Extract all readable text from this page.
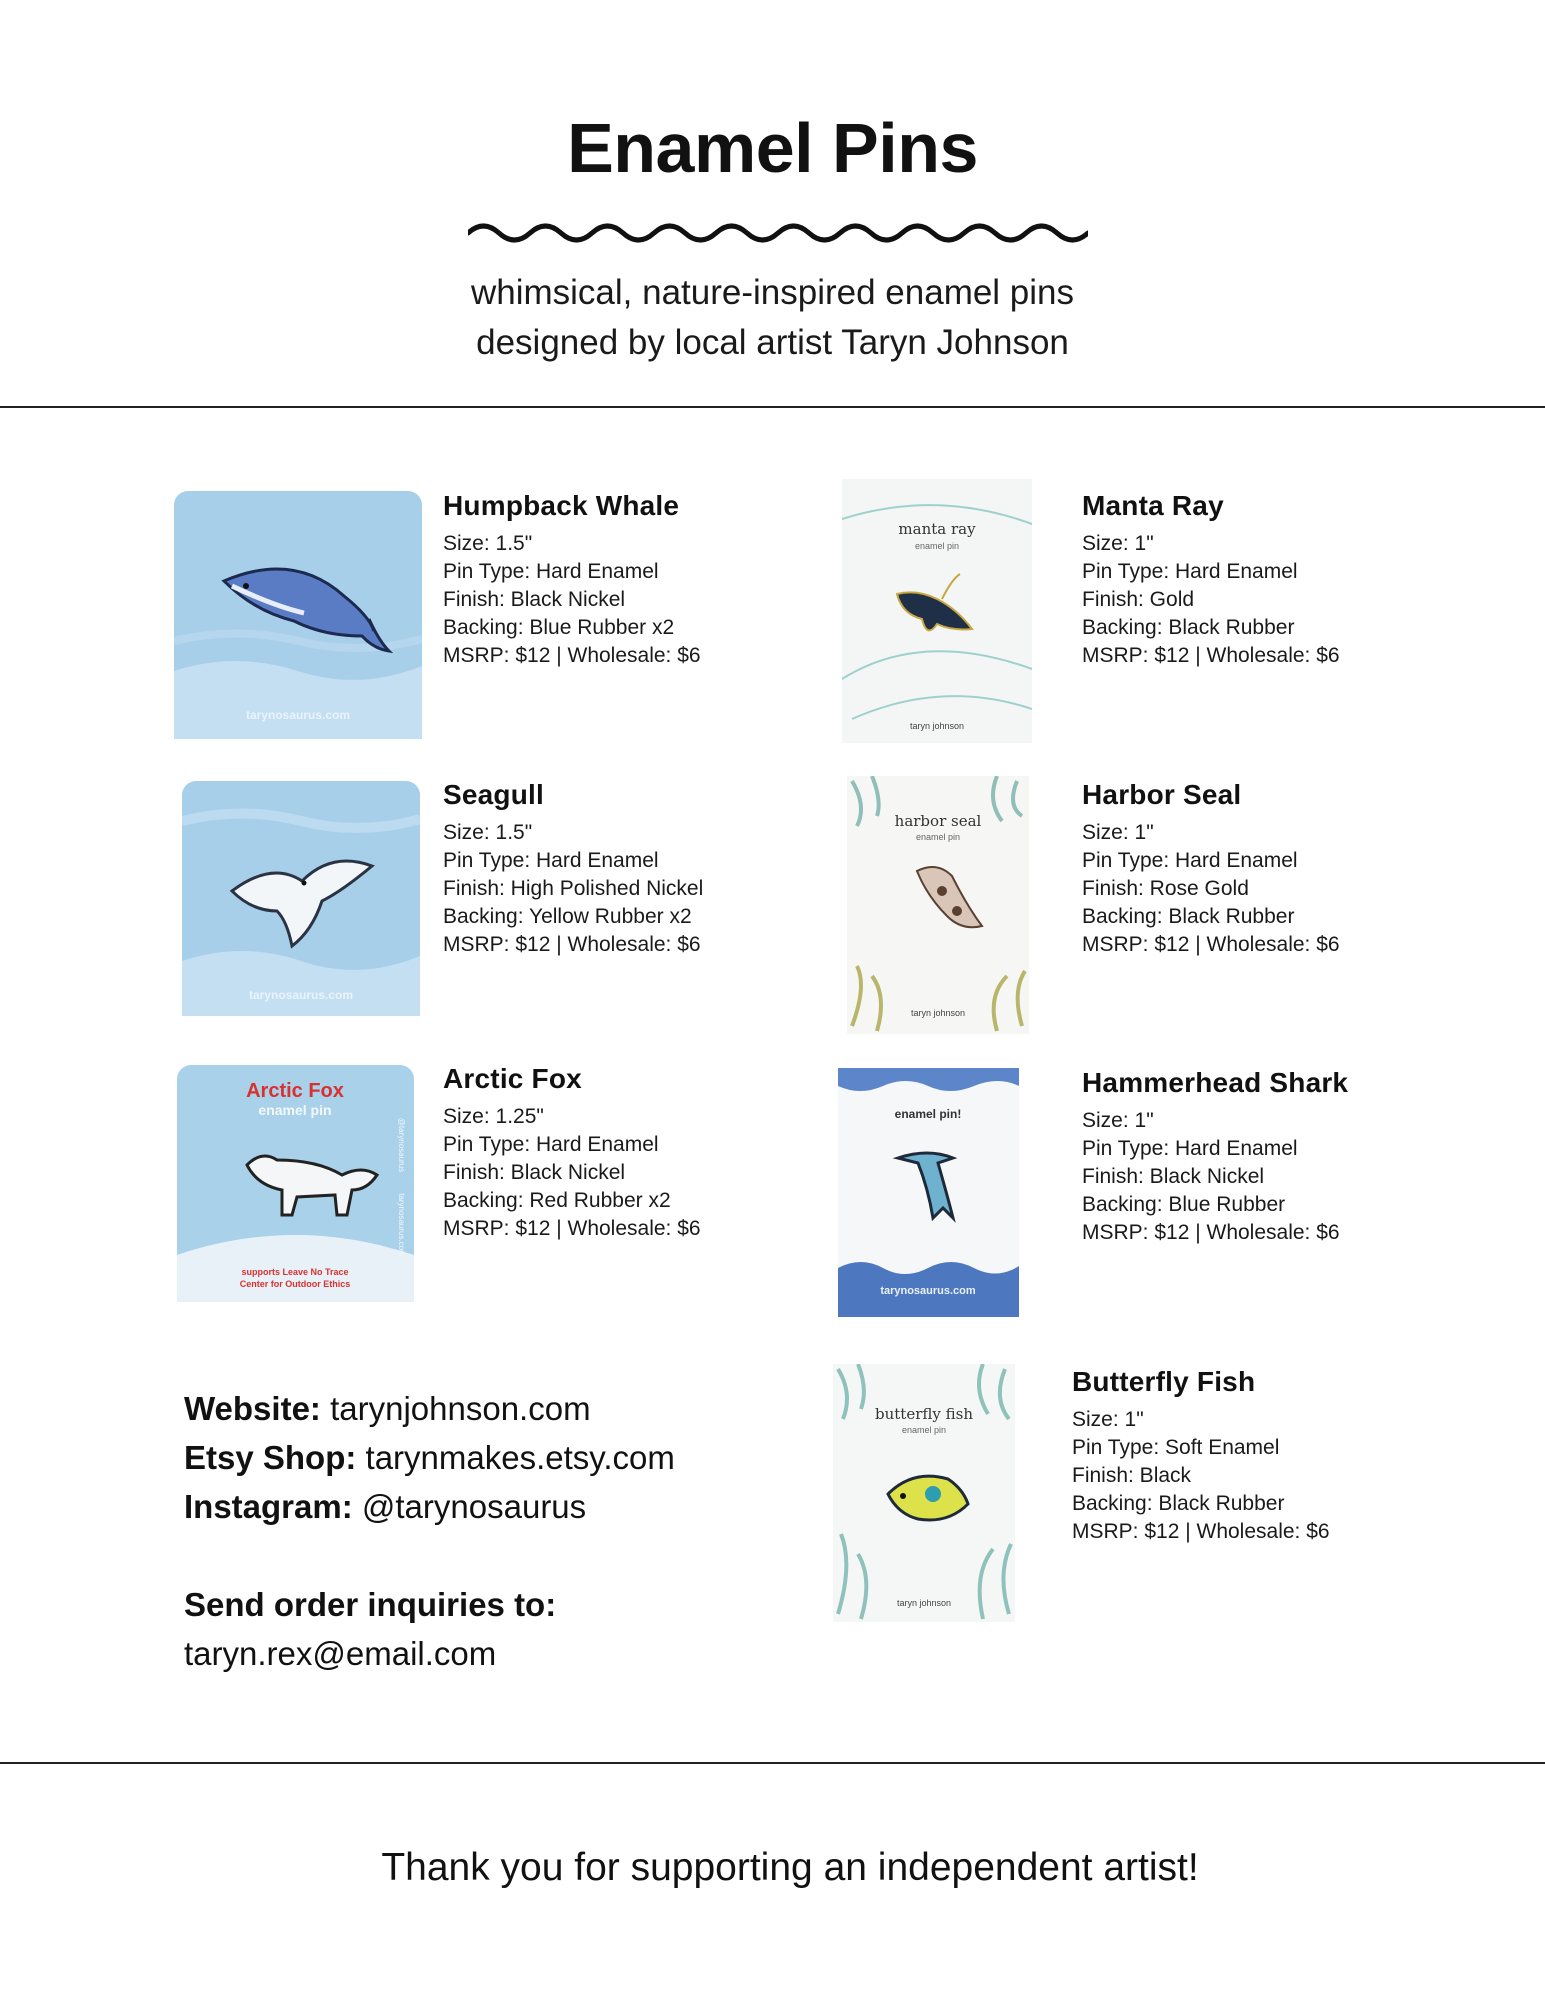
Enamel Pins
whimsical, nature-inspired enamel pins
designed by local artist Taryn Johnson
tarynosaurus.com
Humpback Whale
Size: 1.5"
Pin Type: Hard Enamel
Finish: Black Nickel
Backing: Blue Rubber x2
MSRP: $12 | Wholesale: $6
manta ray
enamel pin
taryn johnson
Manta Ray
Size: 1"
Pin Type: Hard Enamel
Finish: Gold
Backing: Black Rubber
MSRP: $12 | Wholesale: $6
tarynosaurus.com
Seagull
Size: 1.5"
Pin Type: Hard Enamel
Finish: High Polished Nickel
Backing: Yellow Rubber x2
MSRP: $12 | Wholesale: $6
harbor seal
enamel pin
taryn johnson
Harbor Seal
Size: 1"
Pin Type: Hard Enamel
Finish: Rose Gold
Backing: Black Rubber
MSRP: $12 | Wholesale: $6
Arctic Fox
enamel pin
supports Leave No Trace
Center for Outdoor Ethics
@tarynosaurus
tarynosaurus.com
Arctic Fox
Size: 1.25"
Pin Type: Hard Enamel
Finish: Black Nickel
Backing: Red Rubber x2
MSRP: $12 | Wholesale: $6
enamel pin!
tarynosaurus.com
Hammerhead Shark
Size: 1"
Pin Type: Hard Enamel
Finish: Black Nickel
Backing: Blue Rubber
MSRP: $12 | Wholesale: $6
butterfly fish
enamel pin
taryn johnson
Butterfly Fish
Size: 1"
Pin Type: Soft Enamel
Finish: Black
Backing: Black Rubber
MSRP: $12 | Wholesale: $6
Website: tarynjohnson.com
Etsy Shop: tarynmakes.etsy.com
Instagram: @tarynosaurus
Send order inquiries to:
taryn.rex@email.com
Thank you for supporting an independent artist!
